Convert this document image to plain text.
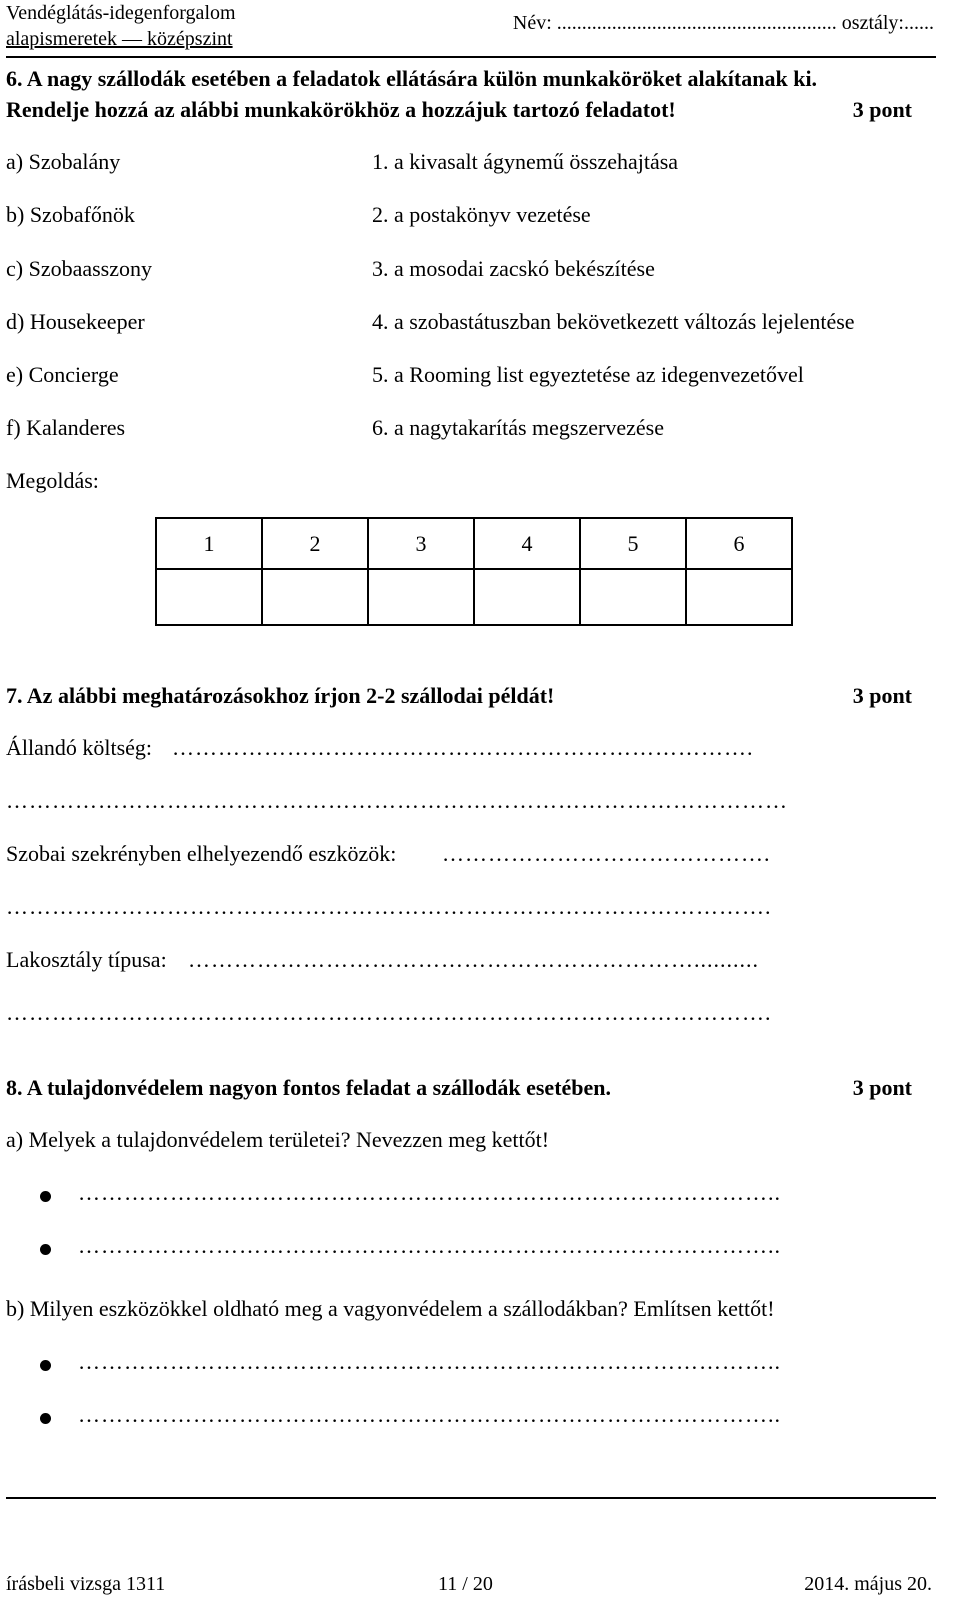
Vendéglátás-idegenforgalom
alapismeretek — középszint
Név: ........................................................ osztály:......
6. A nagy szállodák esetében a feladatok ellátására külön munkaköröket alakítanak ki.
Rendelje hozzá az alábbi munkakörökhöz a hozzájuk tartozó feladatot!	3 pont
a) Szobalány	1. a kivasalt ágynemű összehajtása
b) Szobafőnök	2. a postakönyv vezetése
c) Szobaasszony	3. a mosodai zacskó bekészítése
d) Housekeeper	4. a szobastátuszban bekövetkezett változás lejelentése
e) Concierge	5. a Rooming list egyeztetése az idegenvezetővel
f) Kalanderes	6. a nagytakarítás megszervezése
Megoldás:
1	2	3	4	5	6

7. Az alábbi meghatározásokhoz írjon 2-2 szállodai példát!	3 pont
Állandó költség: ………………………………………………………………….
…………………………………………………………………………………………
Szobai szekrényben elhelyezendő eszközök: …………………………………….
……………………………………………………………………………………….
Lakosztály típusa: …………………………………………………………..........
……………………………………………………………………………………….
8. A tulajdonvédelem nagyon fontos feladat a szállodák esetében.	3 pont
a) Melyek a tulajdonvédelem területei? Nevezzen meg kettőt!
………………………………………………………………………………..
………………………………………………………………………………..
b) Milyen eszközökkel oldható meg a vagyonvédelem a szállodákban? Említsen kettőt!
………………………………………………………………………………..
………………………………………………………………………………..
írásbeli vizsga 1311	11 / 20	2014. május 20.
